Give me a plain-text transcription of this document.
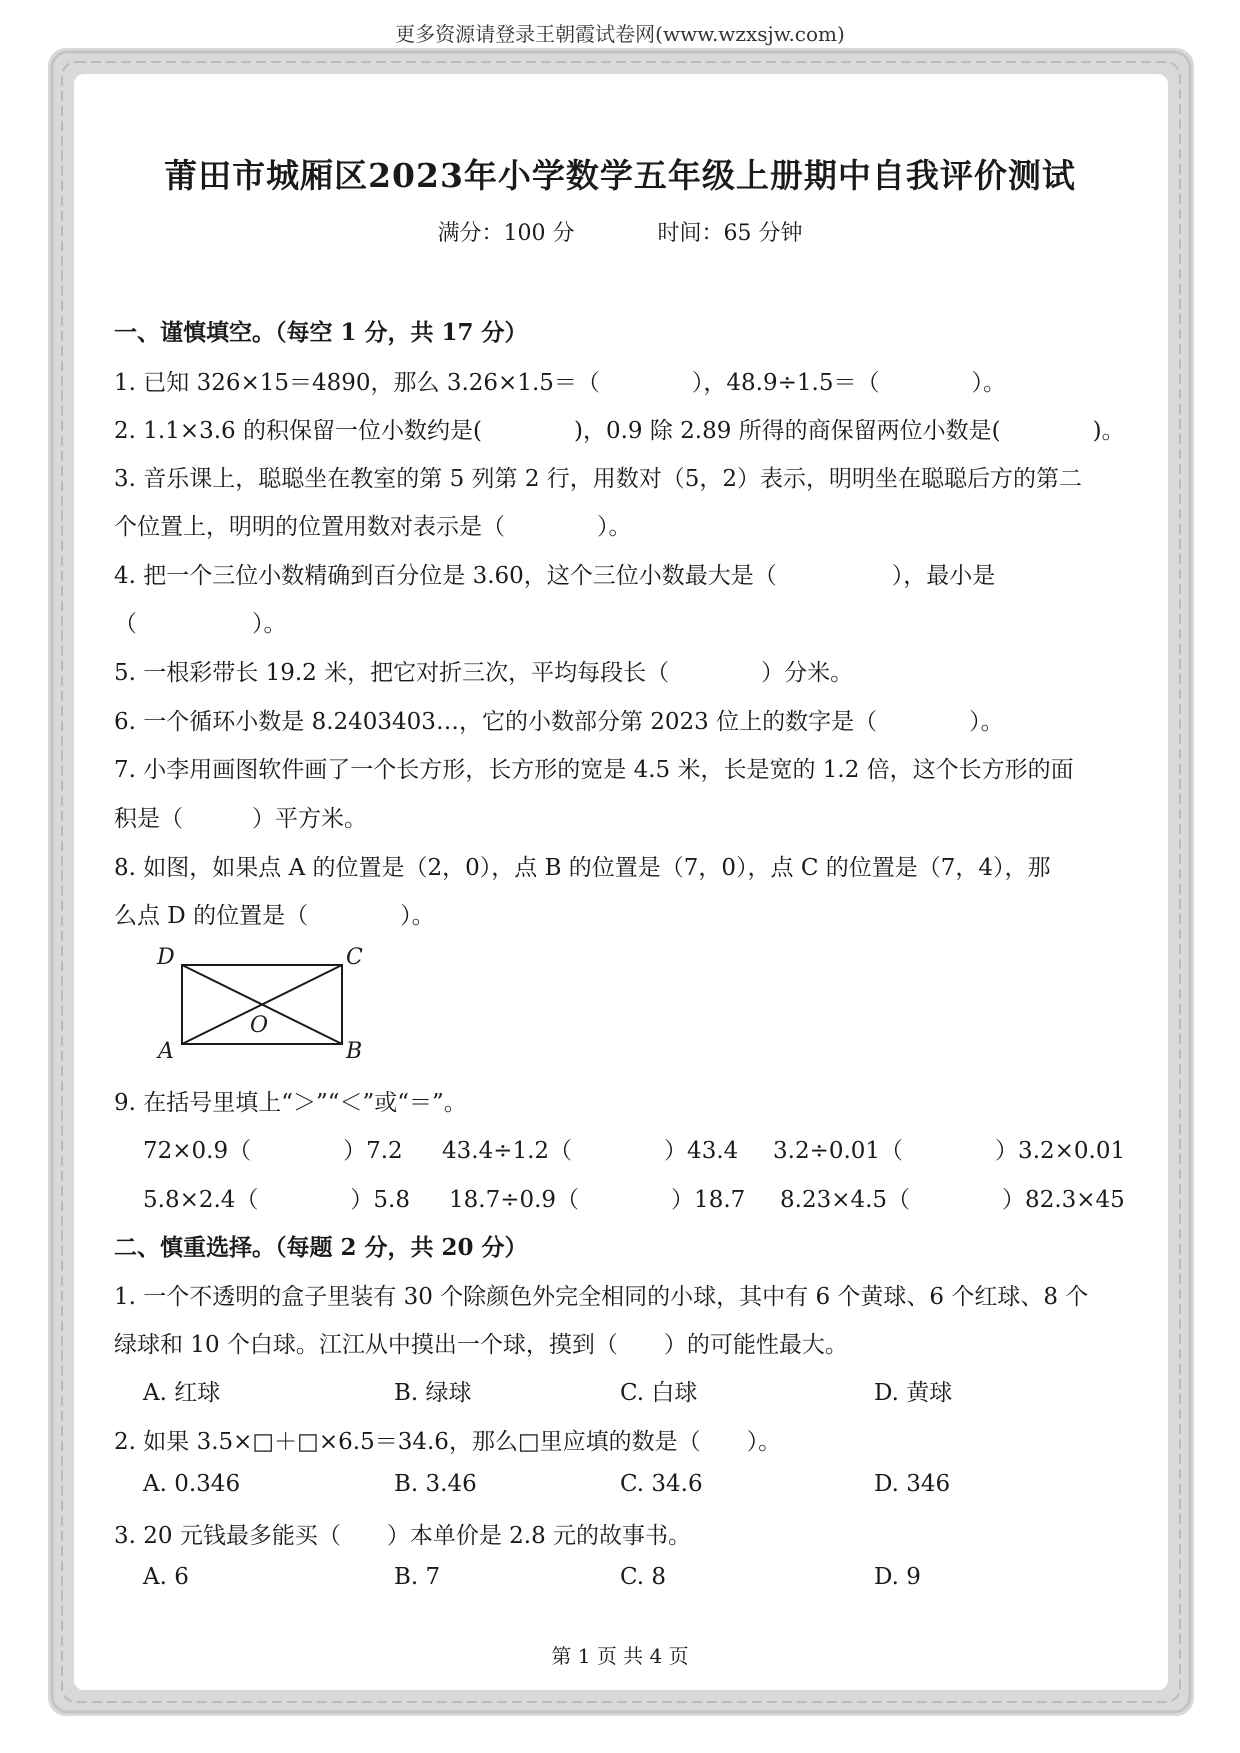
更多资源请登录王朝霞试卷网(www.wzxsjw.com)
莆田市城厢区2023年小学数学五年级上册期中自我评价测试
满分：100 分	时间：65 分钟
一、谨慎填空。（每空 1 分，共 17 分）
1. 已知 326×15＝4890，那么 3.26×1.5＝（　　　　），48.9÷1.5＝（　　　　）。
2. 1.1×3.6 的积保留一位小数约是(　　　　)，0.9 除 2.89 所得的商保留两位小数是(　　　　)。
3. 音乐课上，聪聪坐在教室的第 5 列第 2 行，用数对（5，2）表示，明明坐在聪聪后方的第二
个位置上，明明的位置用数对表示是（　　　　）。
4. 把一个三位小数精确到百分位是 3.60，这个三位小数最大是（　　　　　），最小是
（　　　　　）。
5. 一根彩带长 19.2 米，把它对折三次，平均每段长（　　　　）分米。
6. 一个循环小数是 8.2403403…，它的小数部分第 2023 位上的数字是（　　　　）。
7. 小李用画图软件画了一个长方形，长方形的宽是 4.5 米，长是宽的 1.2 倍，这个长方形的面
积是（　　　）平方米。
8. 如图，如果点 A 的位置是（2，0），点 B 的位置是（7，0），点 C 的位置是（7，4），那
么点 D 的位置是（　　　　）。
D	C
O
A	B
9. 在括号里填上“＞”“＜”或“＝”。
72×0.9（　　　　）7.2 43.4÷1.2（　　　　）43.4 3.2÷0.01（　　　　）3.2×0.01
5.8×2.4（　　　　）5.8 18.7÷0.9（　　　　）18.7 8.23×4.5（　　　　）82.3×45
二、慎重选择。（每题 2 分，共 20 分）
1. 一个不透明的盒子里装有 30 个除颜色外完全相同的小球，其中有 6 个黄球、6 个红球、8 个
绿球和 10 个白球。江江从中摸出一个球，摸到（　　）的可能性最大。
A. 红球	B. 绿球	C. 白球	D. 黄球
2. 如果 3.5×□＋□×6.5＝34.6，那么□里应填的数是（　　）。
A. 0.346	B. 3.46	C. 34.6	D. 346
3. 20 元钱最多能买（　　）本单价是 2.8 元的故事书。
A. 6	B. 7	C. 8	D. 9
第 1 页 共 4 页
